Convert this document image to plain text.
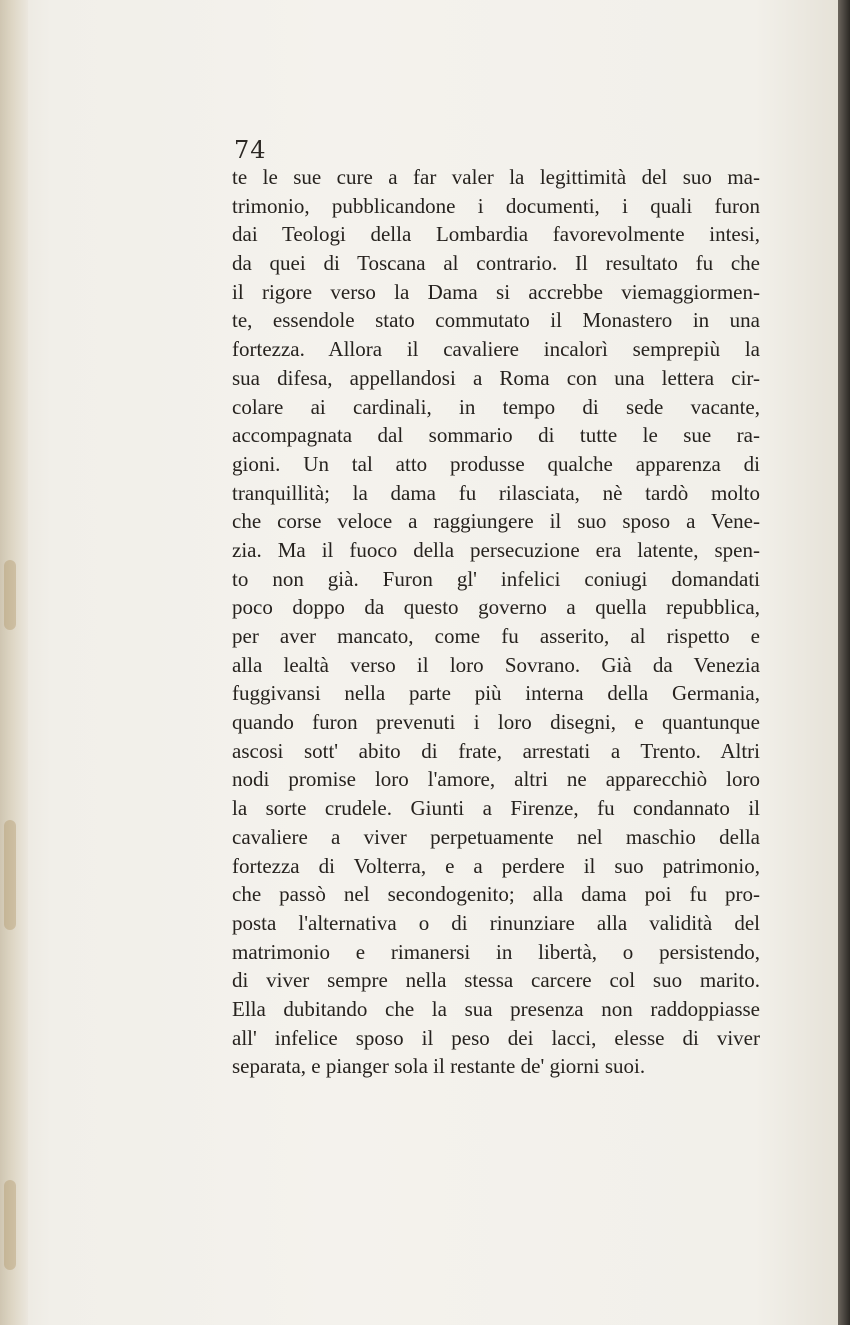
74
te le sue cure a far valer la legittimità del suo ma-
trimonio, pubblicandone i documenti, i quali furon
dai Teologi della Lombardia favorevolmente intesi,
da quei di Toscana al contrario. Il resultato fu che
il rigore verso la Dama si accrebbe viemaggiormen-
te, essendole stato commutato il Monastero in una
fortezza. Allora il cavaliere incalorì semprepiù la
sua difesa, appellandosi a Roma con una lettera cir-
colare ai cardinali, in tempo di sede vacante,
accompagnata dal sommario di tutte le sue ra-
gioni. Un tal atto produsse qualche apparenza di
tranquillità; la dama fu rilasciata, nè tardò molto
che corse veloce a raggiungere il suo sposo a Vene-
zia. Ma il fuoco della persecuzione era latente, spen-
to non già. Furon gl' infelici coniugi domandati
poco doppo da questo governo a quella repubblica,
per aver mancato, come fu asserito, al rispetto e
alla lealtà verso il loro Sovrano. Già da Venezia
fuggivansi nella parte più interna della Germania,
quando furon prevenuti i loro disegni, e quantunque
ascosi sott' abito di frate, arrestati a Trento. Altri
nodi promise loro l'amore, altri ne apparecchiò loro
la sorte crudele. Giunti a Firenze, fu condannato il
cavaliere a viver perpetuamente nel maschio della
fortezza di Volterra, e a perdere il suo patrimonio,
che passò nel secondogenito; alla dama poi fu pro-
posta l'alternativa o di rinunziare alla validità del
matrimonio e rimanersi in libertà, o persistendo,
di viver sempre nella stessa carcere col suo marito.
Ella dubitando che la sua presenza non raddoppiasse
all' infelice sposo il peso dei lacci, elesse di viver
separata, e pianger sola il restante de' giorni suoi.
